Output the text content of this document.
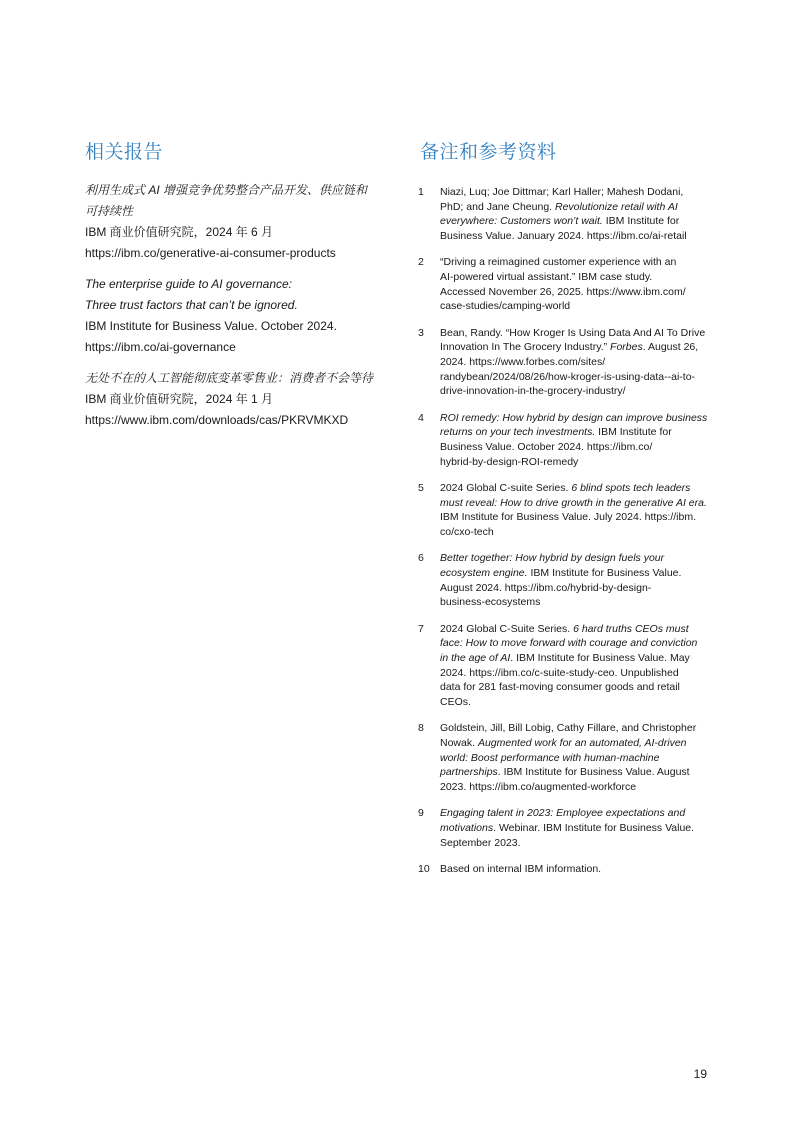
相关报告	备注和参考资料
利用生成式 AI 增强竞争优势整合产品开发、供应链和
可持续性
IBM 商业价值研究院，2024 年 6 月
https://ibm.co/generative-ai-consumer-products
The enterprise guide to AI governance:
Three trust factors that can’t be ignored.
IBM Institute for Business Value. October 2024.
https://ibm.co/ai-governance
无处不在的人工智能彻底变革零售业：消费者不会等待
IBM 商业价值研究院，2024 年 1 月
https://www.ibm.com/downloads/cas/PKRVMKXD
1	Niazi, Luq; Joe Dittmar; Karl Haller; Mahesh Dodani,
PhD; and Jane Cheung. Revolutionize retail with AI
everywhere: Customers won’t wait. IBM Institute for
Business Value. January 2024. https://ibm.co/ai-retail
2	“Driving a reimagined customer experience with an
AI-powered virtual assistant.” IBM case study.
Accessed November 26, 2025. https://www.ibm.com/
case-studies/camping-world
3	Bean, Randy. “How Kroger Is Using Data And AI To Drive
Innovation In The Grocery Industry.” Forbes. August 26,
2024. https://www.forbes.com/sites/
randybean/2024/08/26/how-kroger-is-using-data--ai-to-
drive-innovation-in-the-grocery-industry/
4	ROI remedy: How hybrid by design can improve business
returns on your tech investments. IBM Institute for
Business Value. October 2024. https://ibm.co/
hybrid-by-design-ROI-remedy
5	2024 Global C-suite Series. 6 blind spots tech leaders
must reveal: How to drive growth in the generative AI era.
IBM Institute for Business Value. July 2024. https://ibm.
co/cxo-tech
6	Better together: How hybrid by design fuels your
ecosystem engine. IBM Institute for Business Value.
August 2024. https://ibm.co/hybrid-by-design-
business-ecosystems
7	2024 Global C-Suite Series. 6 hard truths CEOs must
face: How to move forward with courage and conviction
in the age of AI. IBM Institute for Business Value. May
2024. https://ibm.co/c-suite-study-ceo. Unpublished
data for 281 fast-moving consumer goods and retail
CEOs.
8	Goldstein, Jill, Bill Lobig, Cathy Fillare, and Christopher
Nowak. Augmented work for an automated, AI-driven
world: Boost performance with human-machine
partnerships. IBM Institute for Business Value. August
2023. https://ibm.co/augmented-workforce
9	Engaging talent in 2023: Employee expectations and
motivations. Webinar. IBM Institute for Business Value.
September 2023.
10 Based on internal IBM information.
19
